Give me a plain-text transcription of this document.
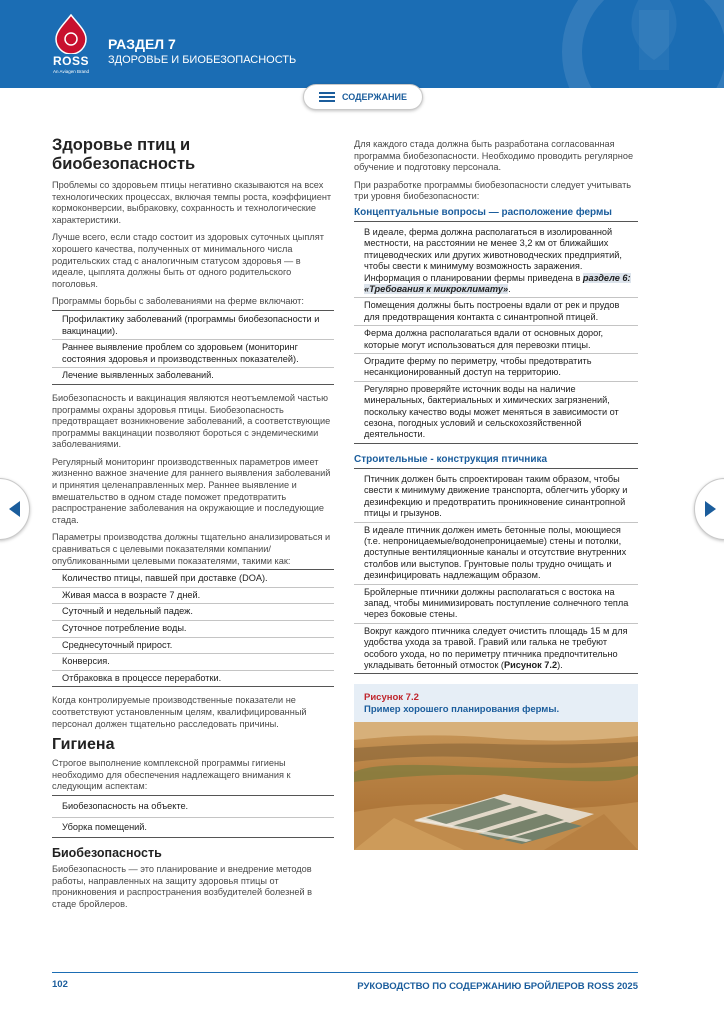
ROSS
An Aviagen Brand
РАЗДЕЛ 7
ЗДОРОВЬЕ И БИОБЕЗОПАСНОСТЬ
СОДЕРЖАНИЕ
Здоровье птиц и биобезопасность

Проблемы со здоровьем птицы негативно сказываются на всех технологических процессах, включая темпы роста, коэффициент кормоконверсии, выбраковку, сохранность и технологические характеристики.

Лучше всего, если стадо состоит из здоровых суточных цыплят хорошего качества, полученных от минимального числа родительских стад с аналогичным статусом здоровья — в идеале, цыплята должны быть от одного родительского поголовья.

Программы борьбы с заболеваниями на ферме включают:

Профилактику заболеваний (программы биобезопасности и вакцинации).
Раннее выявление проблем со здоровьем (мониторинг состояния здоровья и производственных показателей).
Лечение выявленных заболеваний.

Биобезопасность и вакцинация являются неотъемлемой частью программы охраны здоровья птицы. Биобезопасность предотвращает возникновение заболеваний, а соответствующие программы вакцинации позволяют бороться с эндемическими заболеваниями.

Регулярный мониторинг производственных параметров имеет жизненно важное значение для раннего выявления заболеваний и принятия целенаправленных мер. Раннее выявление и вмешательство в одном стаде поможет предотвратить распространение заболевания на окружающие и последующие стада.

Параметры производства должны тщательно анализироваться и сравниваться с целевыми показателями компании/опубликованными целевыми показателями, такими как:

Количество птицы, павшей при доставке (DOA).
Живая масса в возрасте 7 дней.
Суточный и недельный падеж.
Суточное потребление воды.
Среднесуточный прирост.
Конверсия.
Отбраковка в процессе переработки.

Когда контролируемые производственные показатели не соответствуют установленным целям, квалифицированный персонал должен тщательно расследовать причины.

Гигиена

Строгое выполнение комплексной программы гигиены необходимо для обеспечения надлежащего внимания к следующим аспектам:

Биобезопасность на объекте.
Уборка помещений.
Биобезопасность

Биобезопасность — это планирование и внедрение методов работы, направленных на защиту здоровья птицы от проникновения и распространения возбудителей болезней в стаде бройлеров.

Для каждого стада должна быть разработана согласованная программа биобезопасности. Необходимо проводить регулярное обучение и подготовку персонала.

При разработке программы биобезопасности следует учитывать три уровня биобезопасности:

Концептуальные вопросы — расположение фермы
В идеале, ферма должна располагаться в изолированной местности, на расстоянии не менее 3,2 км от ближайших птицеводческих или других животноводческих предприятий, чтобы свести к минимуму возможность заражения. Информация о планировании фермы приведена в разделе 6: «Требования к микроклимату».
Помещения должны быть построены вдали от рек и прудов для предотвращения контакта с синантропной птицей.
Ферма должна располагаться вдали от основных дорог, которые могут использоваться для перевозки птицы.
Оградите ферму по периметру, чтобы предотвратить несанкционированный доступ на территорию.
Регулярно проверяйте источник воды на наличие минеральных, бактериальных и химических загрязнений, поскольку качество воды может меняться в зависимости от сезона, погодных условий и сельскохозяйственной деятельности.
Строительные - конструкция птичника
Птичник должен быть спроектирован таким образом, чтобы свести к минимуму движение транспорта, облегчить уборку и дезинфекцию и предотвратить проникновение синантропной птицы и грызунов.
В идеале птичник должен иметь бетонные полы, моющиеся (т.е. непроницаемые/водонепроницаемые) стены и потолки, доступные вентиляционные каналы и отсутствие внутренних столбов или выступов. Грунтовые полы трудно очищать и дезинфицировать надлежащим образом.
Бройлерные птичники должны располагаться с востока на запад, чтобы минимизировать поступление солнечного тепла через боковые стены.
Вокруг каждого птичника следует очистить площадь 15 м для удобства ухода за травой. Гравий или галька не требуют особого ухода, но по периметру птичника предпочтительно укладывать бетонный отмосток (Рисунок 7.2).
Рисунок 7.2
Пример хорошего планирования фермы.
102	РУКОВОДСТВО ПО СОДЕРЖАНИЮ БРОЙЛЕРОВ ROSS 2025
